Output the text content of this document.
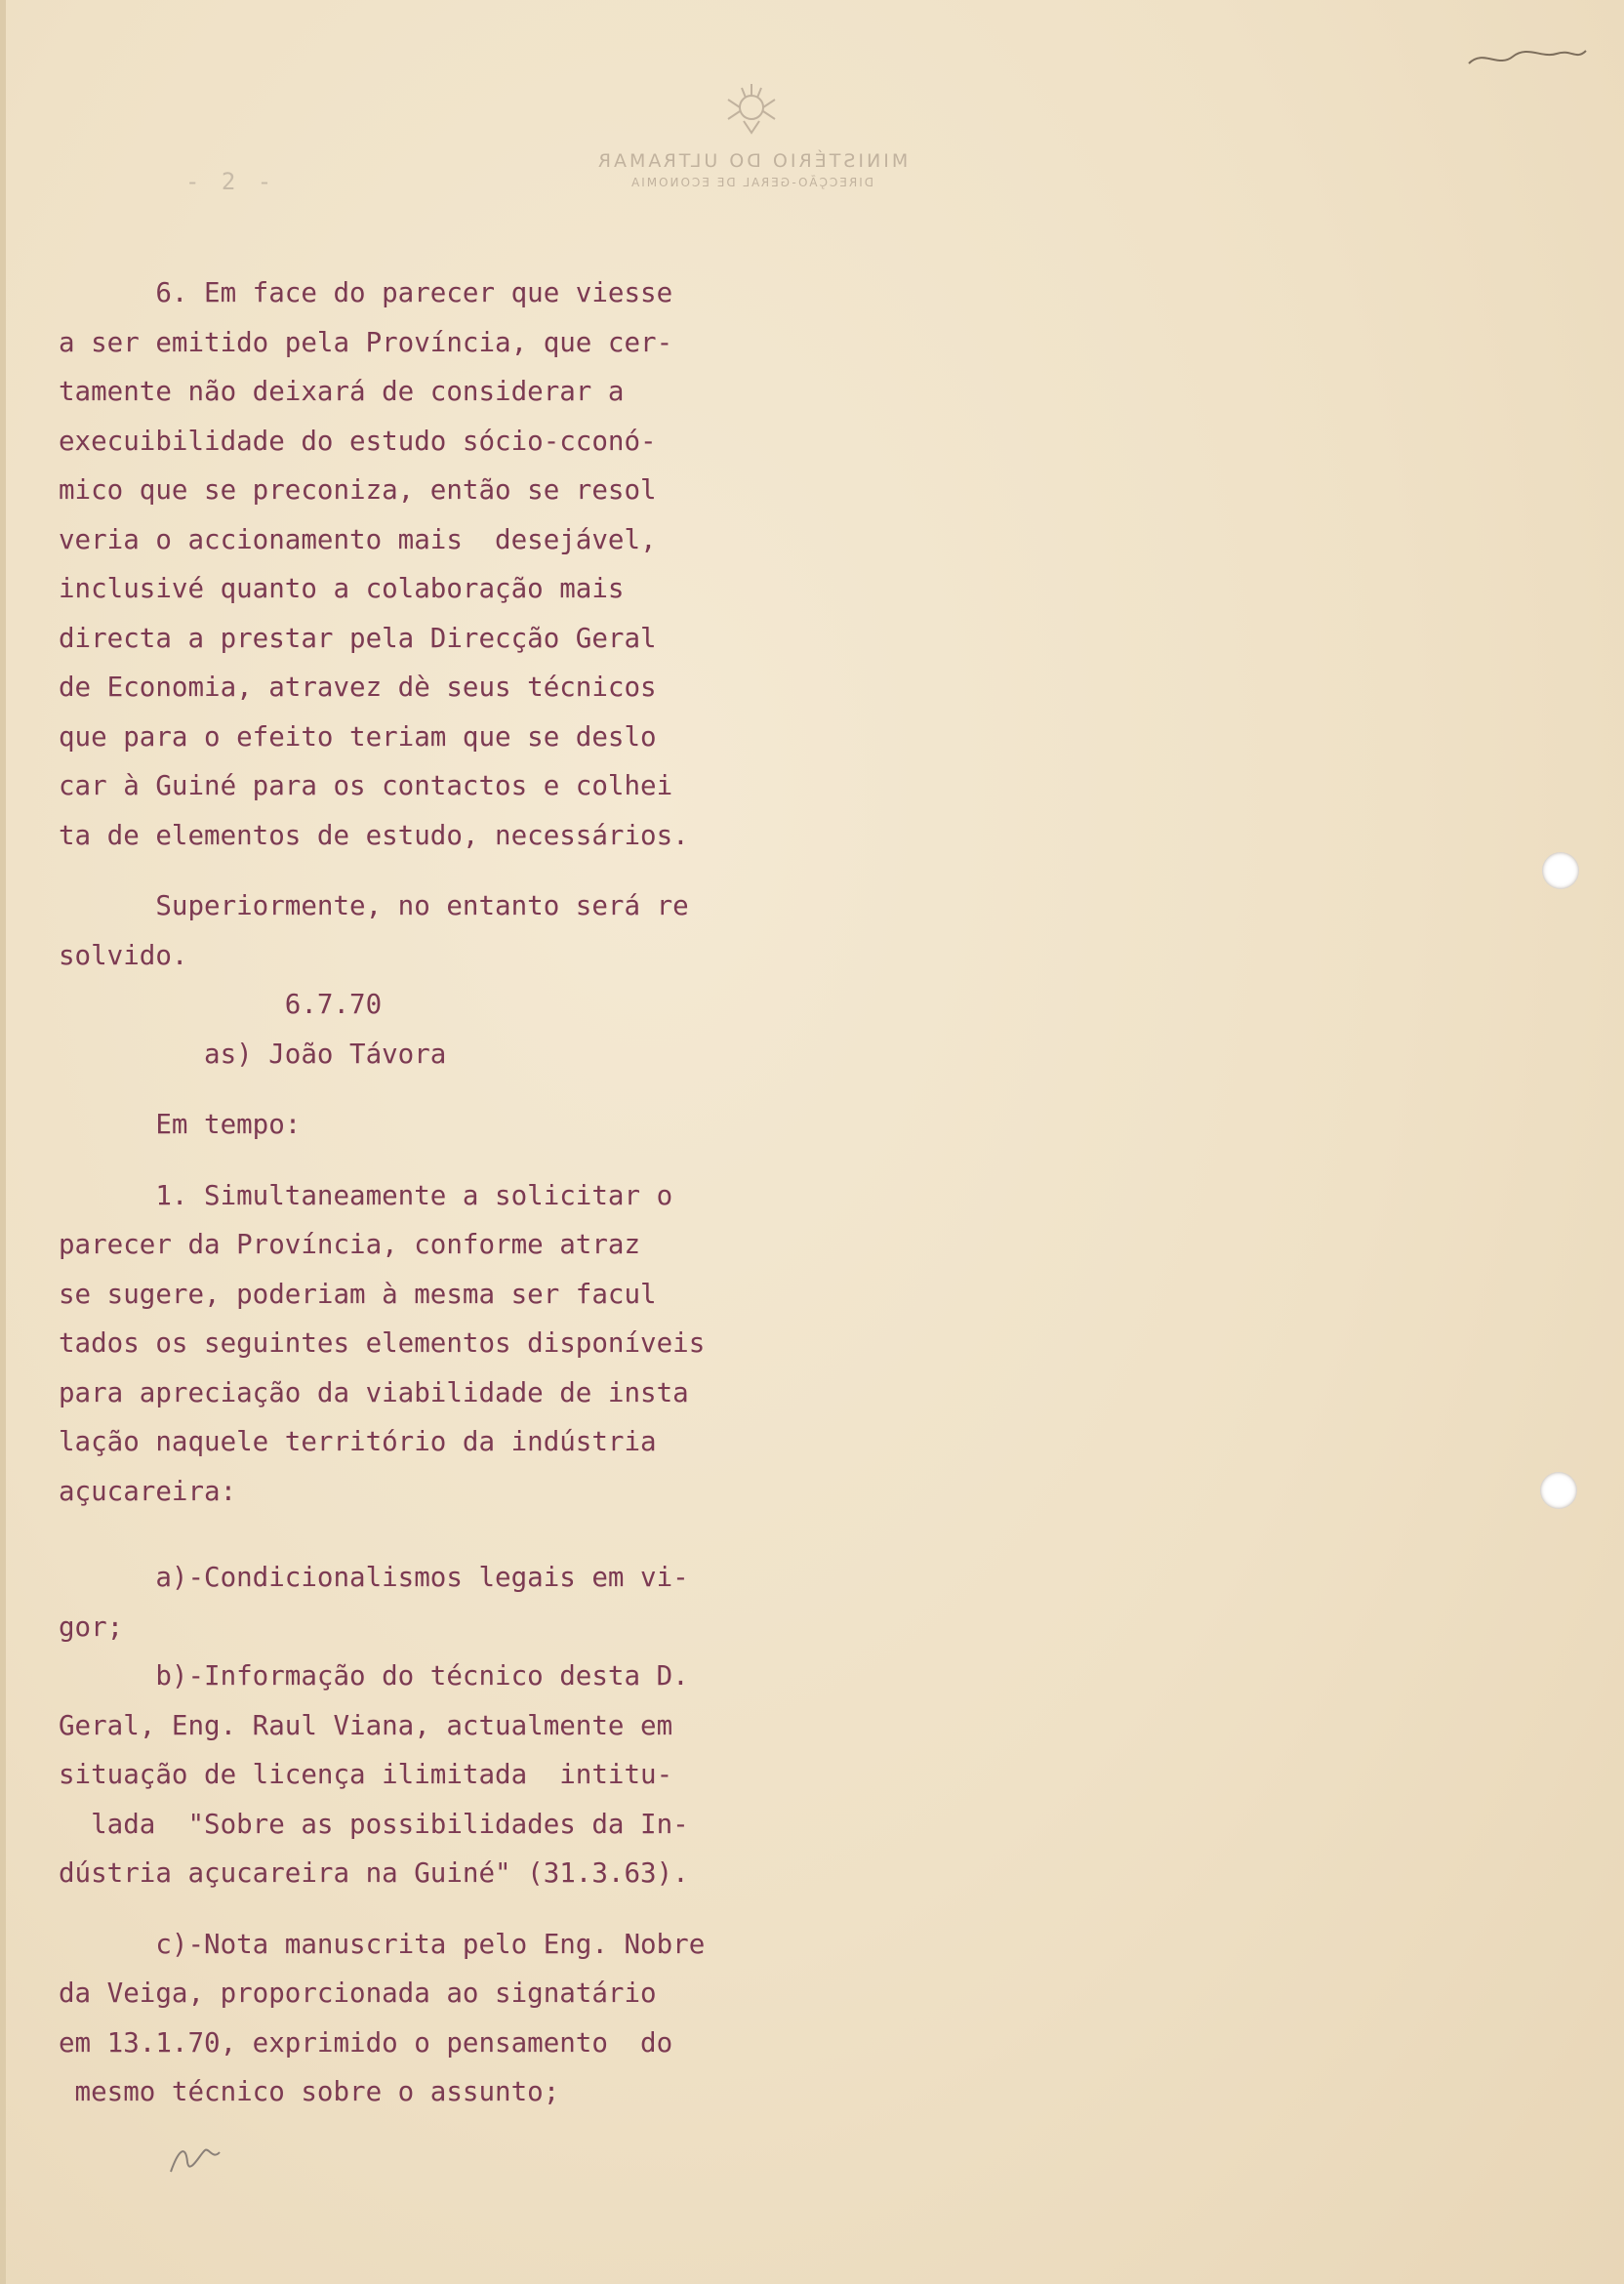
MINISTÉRIO DO ULTRAMAR
DIRECÇÃO-GERAL DE ECONOMIA
- 2 -
6. Em face do parecer que viesse
a ser emitido pela Província, que cer-
tamente não deixará de considerar a
execuibilidade do estudo sócio-cconó-
mico que se preconiza, então se resol
veria o accionamento mais  desejável,
inclusivé quanto a colaboração mais
directa a prestar pela Direcção Geral
de Economia, atravez dè seus técnicos
que para o efeito teriam que se deslo
car à Guiné para os contactos e colhei
ta de elementos de estudo, necessários.
Superiormente, no entanto será re
solvido.
6.7.70
as) João Távora
Em tempo:
1. Simultaneamente a solicitar o
parecer da Província, conforme atraz
se sugere, poderiam à mesma ser facul
tados os seguintes elementos disponíveis
para apreciação da viabilidade de insta
lação naquele território da indústria
açucareira:
a)-Condicionalismos legais em vi-
gor;
b)-Informação do técnico desta D.
Geral, Eng. Raul Viana, actualmente em
situação de licença ilimitada  intitu-
lada  "Sobre as possibilidades da In-
dústria açucareira na Guiné" (31.3.63).
c)-Nota manuscrita pelo Eng. Nobre
da Veiga, proporcionada ao signatário
em 13.1.70, exprimido o pensamento  do
mesmo técnico sobre o assunto;
